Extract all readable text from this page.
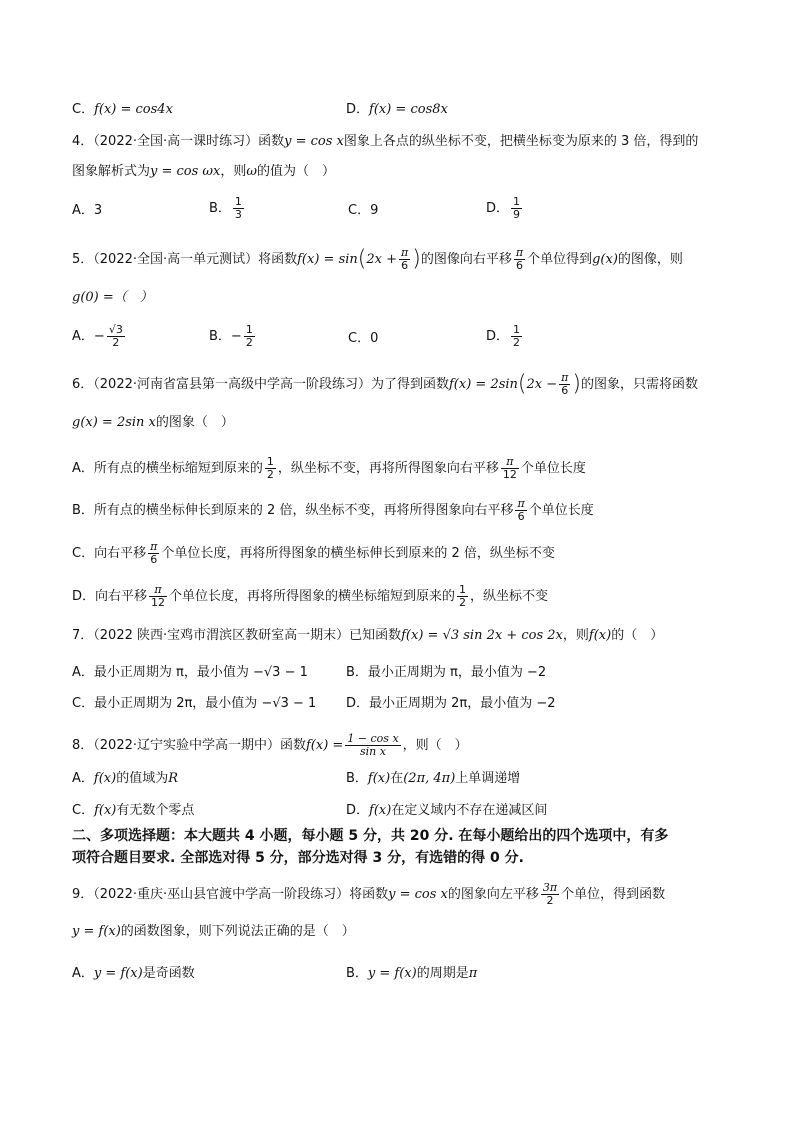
C．f(x) = cos4x	D．f(x) = cos8x
4．（2022·全国·高一课时练习）函数y = cos x图象上各点的纵坐标不变，把横坐标变为原来的 3 倍，得到的
图象解析式为y = cos ωx，则ω的值为（　）
A．3	B． $\frac{1}{3}$	C．9	D． $\frac{1}{9}$
5．（2022·全国·高一单元测试）将函数$f(x) = \sin(2x + \frac{\pi}{6}$ )的图像向右平移 $\frac{\pi}{6}$ 个单位得到g(x)的图像，则
g(0) =（　）
A．− $\frac{√3}{2}$	B．− $\frac{1}{2}$	C．0	D． $\frac{1}{2}$
6．（2022·河南省富县第一高级中学高一阶段练习）为了得到函数$f(x) = 2\sin(2x - \frac{\pi}{6}$ )的图象，只需将函数
g(x) = 2sin x的图象（　）
A．所有点的横坐标缩短到原来的 $\frac{1}{2}$ ，纵坐标不变，再将所得图象向右平移 $\frac{\pi}{12}$ 个单位长度
B．所有点的横坐标伸长到原来的 2 倍，纵坐标不变，再将所得图象向右平移 $\frac{\pi}{6}$ 个单位长度
C．向右平移 $\frac{\pi}{6}$ 个单位长度，再将所得图象的横坐标伸长到原来的 2 倍，纵坐标不变
D．向右平移 $\frac{\pi}{12}$ 个单位长度，再将所得图象的横坐标缩短到原来的 $\frac{1}{2}$ ，纵坐标不变
7．（2022 陕西·宝鸡市渭滨区教研室高一期末）已知函数f(x) = √3 sin 2x + cos 2x，则f(x)的（　）
A．最小正周期为 π，最小值为 −√3 − 1	B．最小正周期为 π，最小值为 −2
C．最小正周期为 2π，最小值为 −√3 − 1 D．最小正周期为 2π，最小值为 −2
8．（2022·辽宁实验中学高一期中）函数$f(x) = \frac{\text{1 − cos x}}{\text{sin x}}$ ，则（　）
A．f(x)的值域为R	B．f(x)在(2π, 4π)上单调递增
C．f(x)有无数个零点	D．f(x)在定义域内不存在递减区间
二、多项选择题：本大题共 4 小题，每小题 5 分，共 20 分. 在每小题给出的四个选项中，有多
项符合题目要求. 全部选对得 5 分，部分选对得 3 分，有选错的得 0 分.
9．（2022·重庆·巫山县官渡中学高一阶段练习）将函数y = cos x的图象向左平移 $\frac{3\pi}{2}$ 个单位，得到函数
y = f(x)的函数图象，则下列说法正确的是（　）
A．y = f(x)是奇函数	B．y = f(x)的周期是π
